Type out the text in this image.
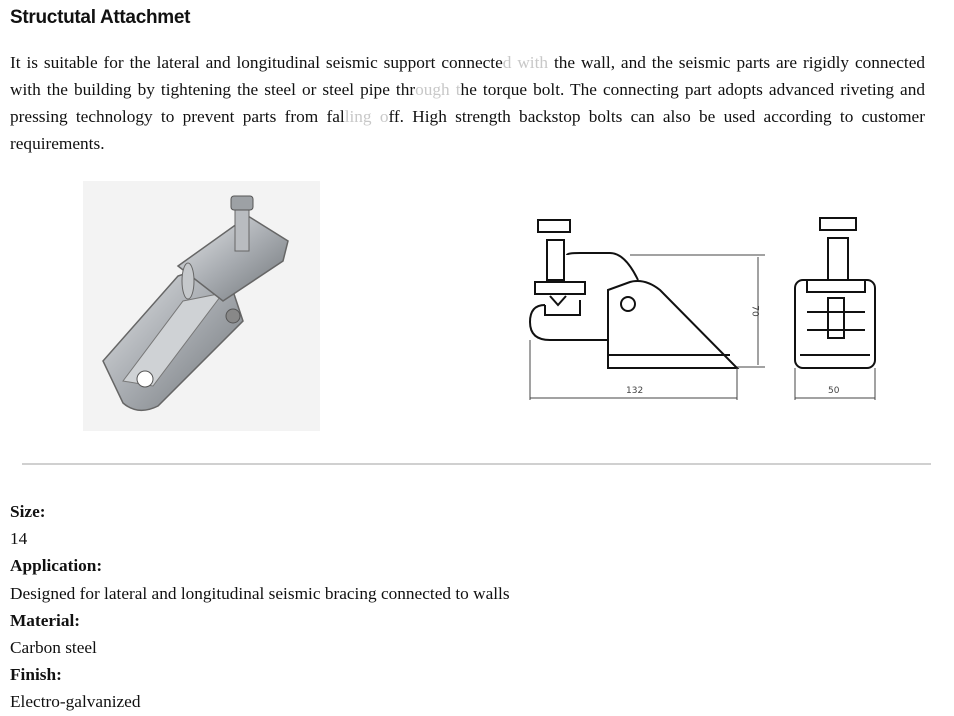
Structutal Attachmet

It is suitable for the lateral and longitudinal seismic support connected with the wall, and the seismic parts are rigidly connected with the building by tightening the steel or steel pipe through the torque bolt. The connecting part adopts advanced riveting and pressing technology to prevent parts from falling off. High strength backstop bolts can also be used according to customer requirements.

132
70
50
Size:
14
Application:
Designed for lateral and longitudinal seismic bracing connected to walls
Material:
Carbon steel
Finish:
Electro-galvanized
